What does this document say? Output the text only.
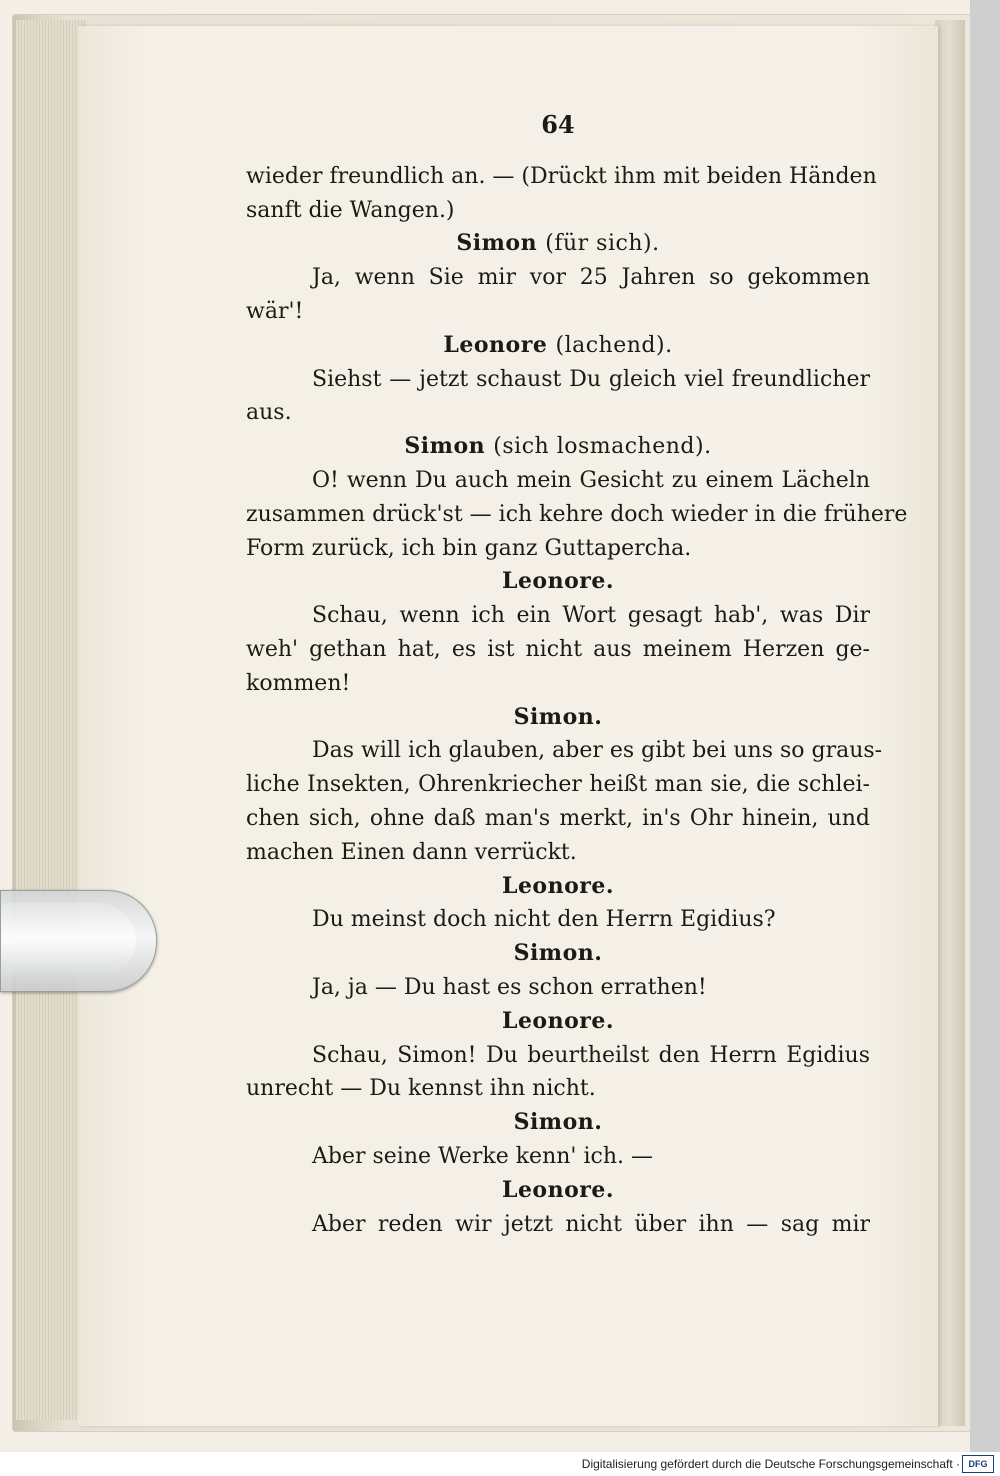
64
wieder freundlich an. — (Drückt ihm mit beiden Händen
sanft die Wangen.)
Simon (für sich).
Ja, wenn Sie mir vor 25 Jahren so gekommen
wär'!
Leonore (lachend).
Siehst — jetzt schaust Du gleich viel freundlicher
aus.
Simon (sich losmachend).
O! wenn Du auch mein Gesicht zu einem Lächeln
zusammen drück'st — ich kehre doch wieder in die frühere
Form zurück, ich bin ganz Guttapercha.
Leonore.
Schau, wenn ich ein Wort gesagt hab', was Dir
weh' gethan hat, es ist nicht aus meinem Herzen ge-
kommen!
Simon.
Das will ich glauben, aber es gibt bei uns so graus-
liche Insekten, Ohrenkriecher heißt man sie, die schlei-
chen sich, ohne daß man's merkt, in's Ohr hinein, und
machen Einen dann verrückt.
Leonore.
Du meinst doch nicht den Herrn Egidius?
Simon.
Ja, ja — Du hast es schon errathen!
Leonore.
Schau, Simon! Du beurtheilst den Herrn Egidius
unrecht — Du kennst ihn nicht.
Simon.
Aber seine Werke kenn' ich. —
Leonore.
Aber reden wir jetzt nicht über ihn — sag mir
Digitalisierung gefördert durch die Deutsche Forschungsgemeinschaft · DFG
